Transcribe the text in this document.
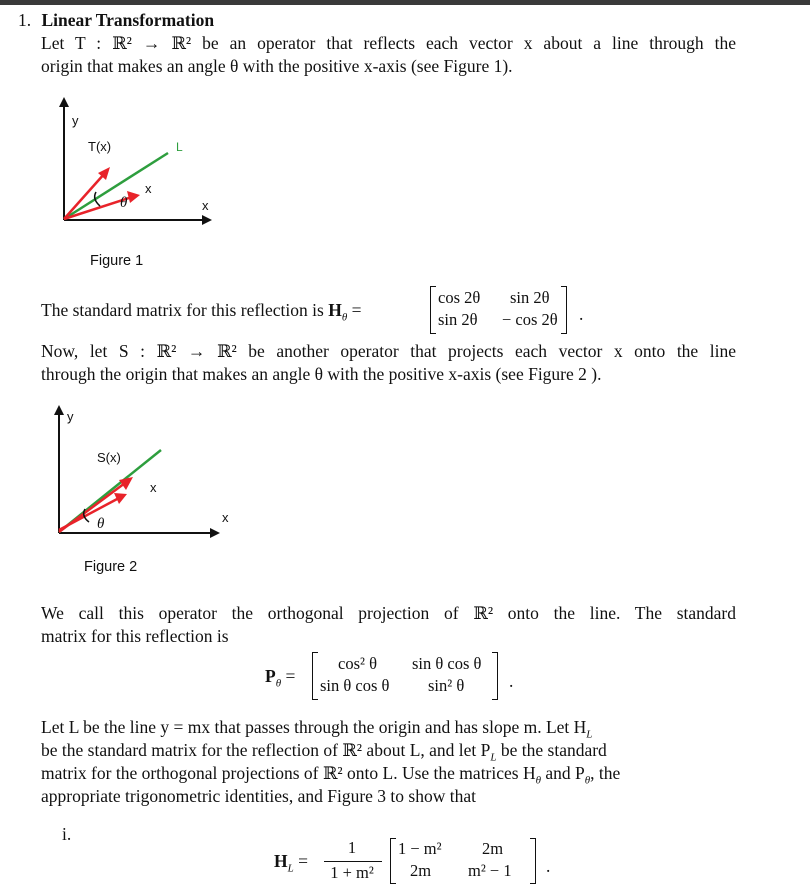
1. Linear Transformation
Let T : ℝ² → ℝ² be an operator that reflects each vector x about a line through the
origin that makes an angle θ with the positive x-axis (see Figure 1).
θ
y
T(x)	L
x
x
Figure 1
The standard matrix for this reflection is $H_\theta$ =
cos 2θ sin 2θ
sin 2θ − cos 2θ .
Now, let S : ℝ² → ℝ² be another operator that projects each vector x onto the line
through the origin that makes an angle θ with the positive x-axis (see Figure 2 ).
θ
y
S(x)
x
x
Figure 2
We call this operator the orthogonal projection of ℝ² onto the line. The standard
matrix for this reflection is
$P_\theta$ =
cos² θ sin θ cos θ
sin θ cos θ sin² θ	.
Let L be the line y = mx that passes through the origin and has slope m. Let $H_L$
be the standard matrix for the reflection of ℝ² about L, and let $P_L$ be the standard
matrix for the orthogonal projections of ℝ² onto L. Use the matrices $H_\theta$ and $P_\theta$, the
appropriate trigonometric identities, and Figure 3 to show that
i.
$H_L$ =
1
1 + m²
1 − m² 2m
2m m² − 1 .
